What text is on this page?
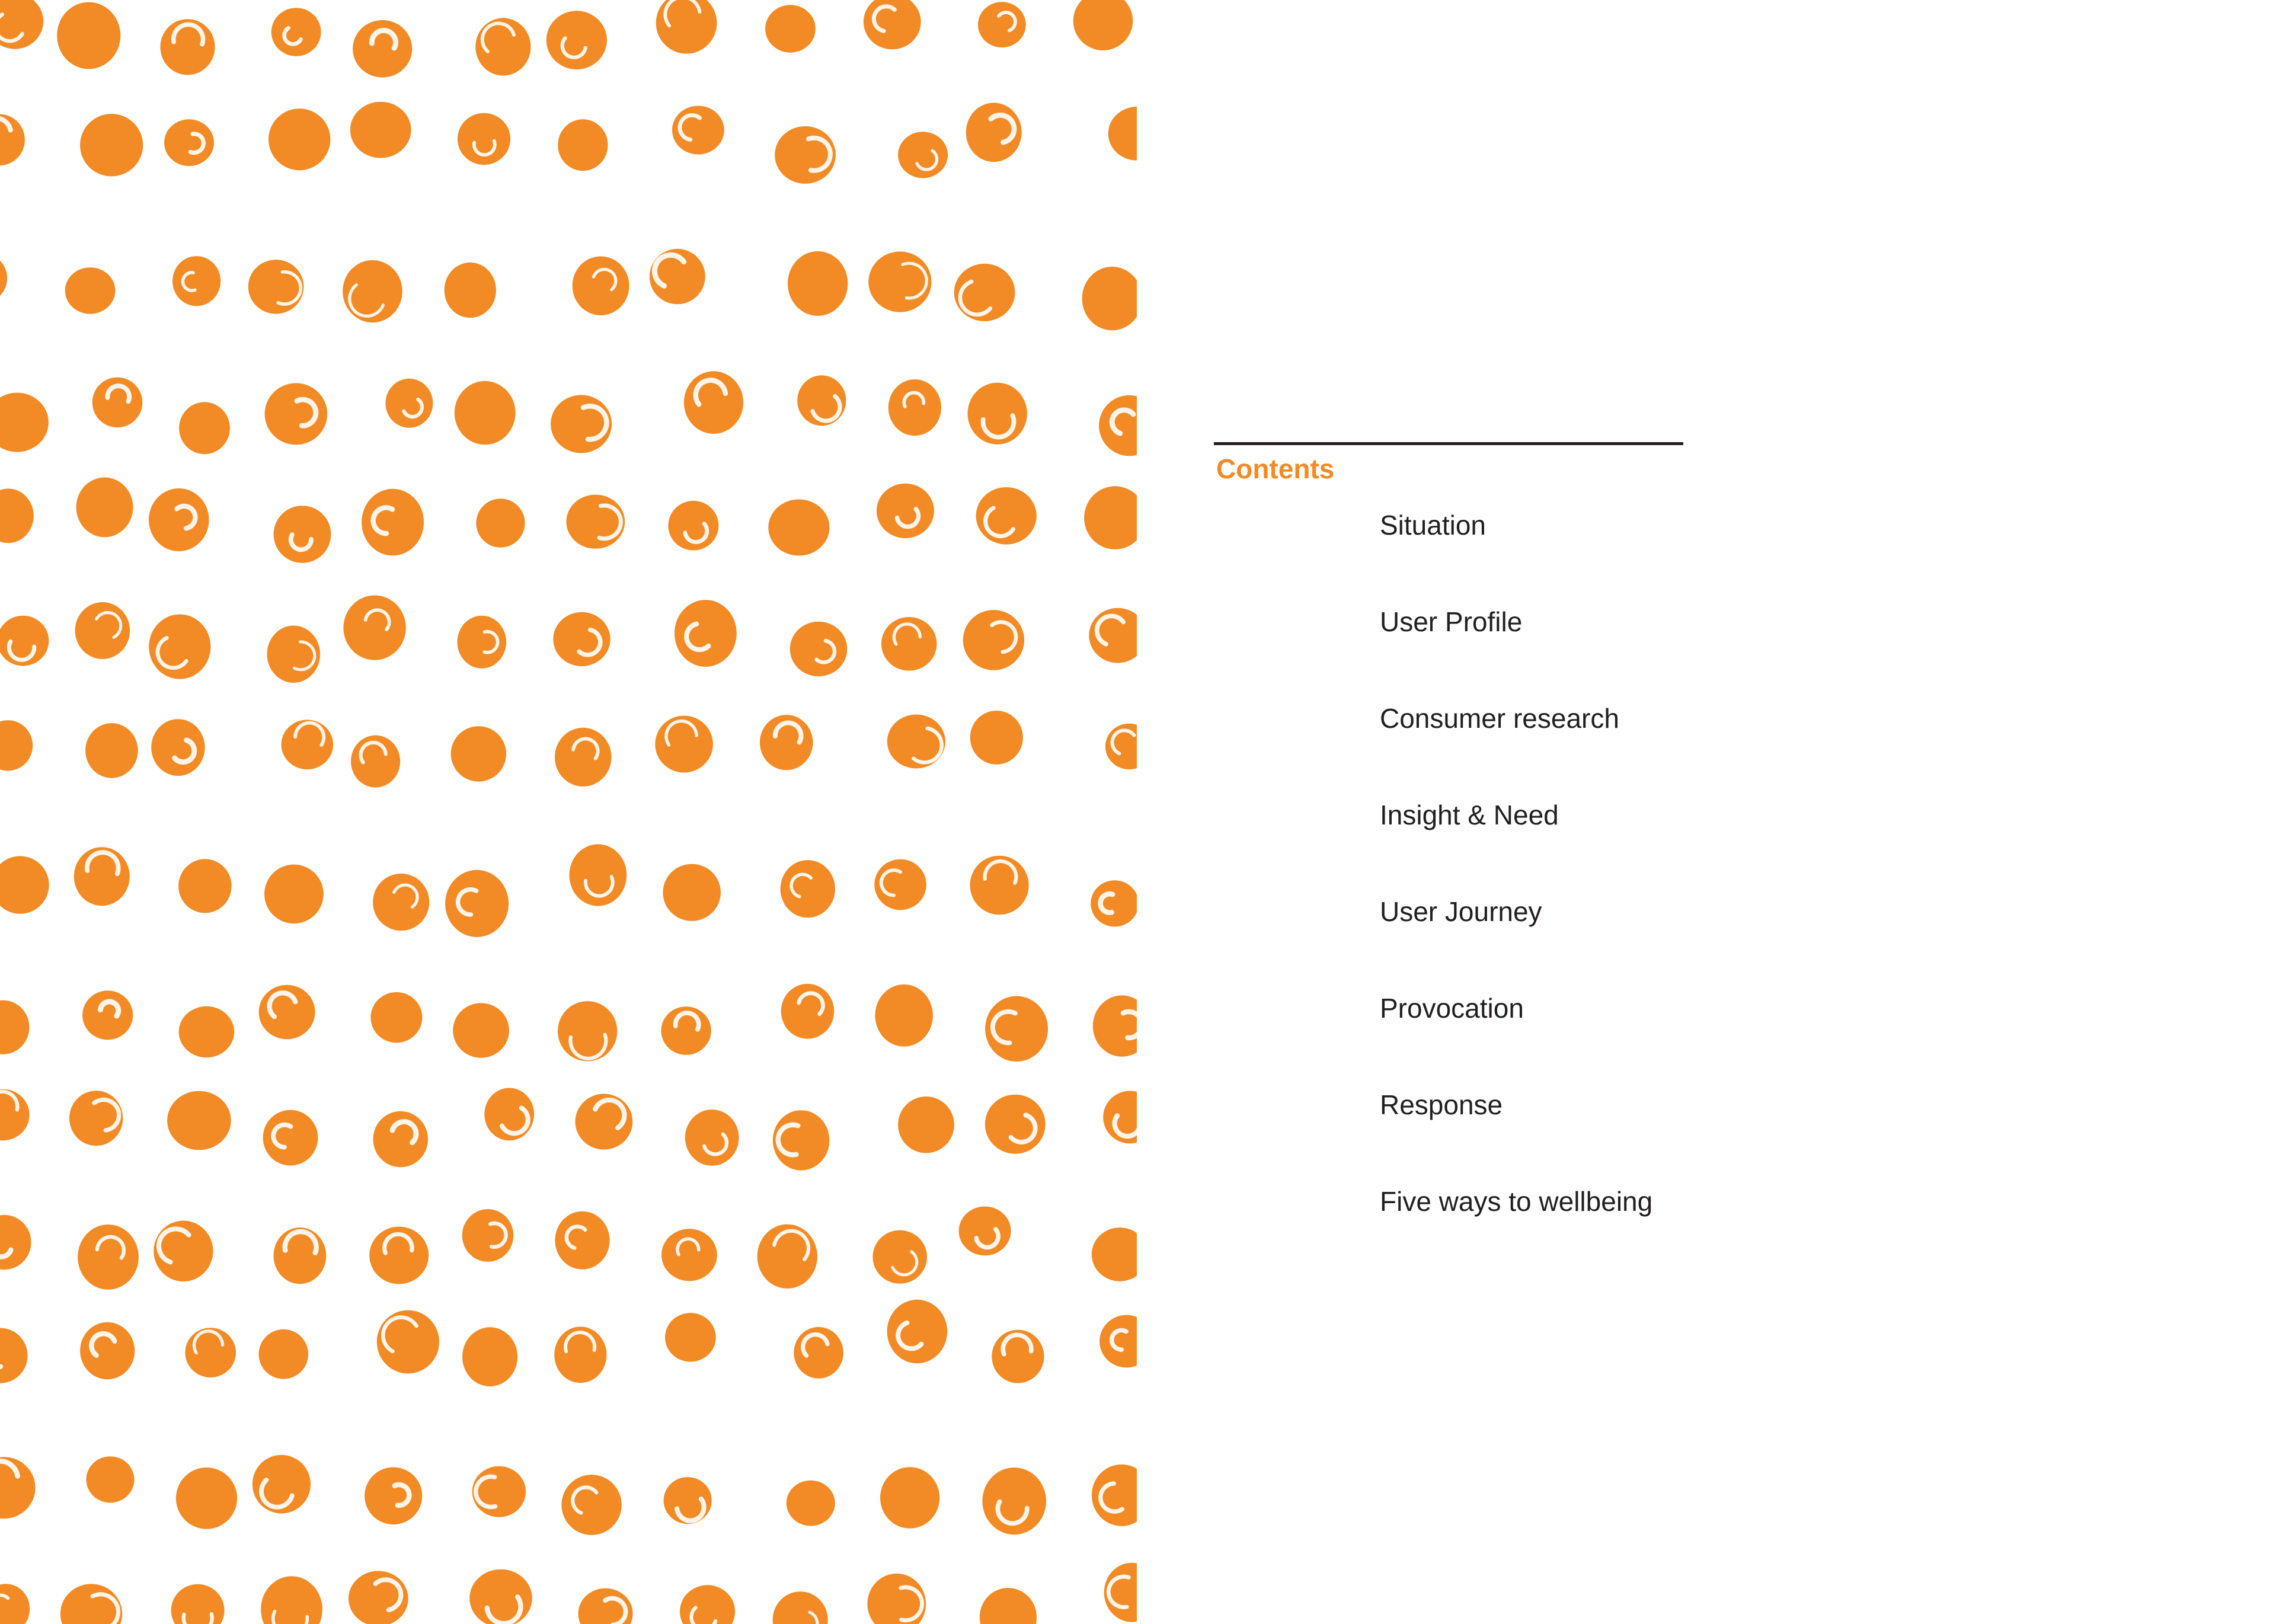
Contents
Situation
User Profile
Consumer research
Insight & Need
User Journey
Provocation
Response
Five ways to wellbeing
